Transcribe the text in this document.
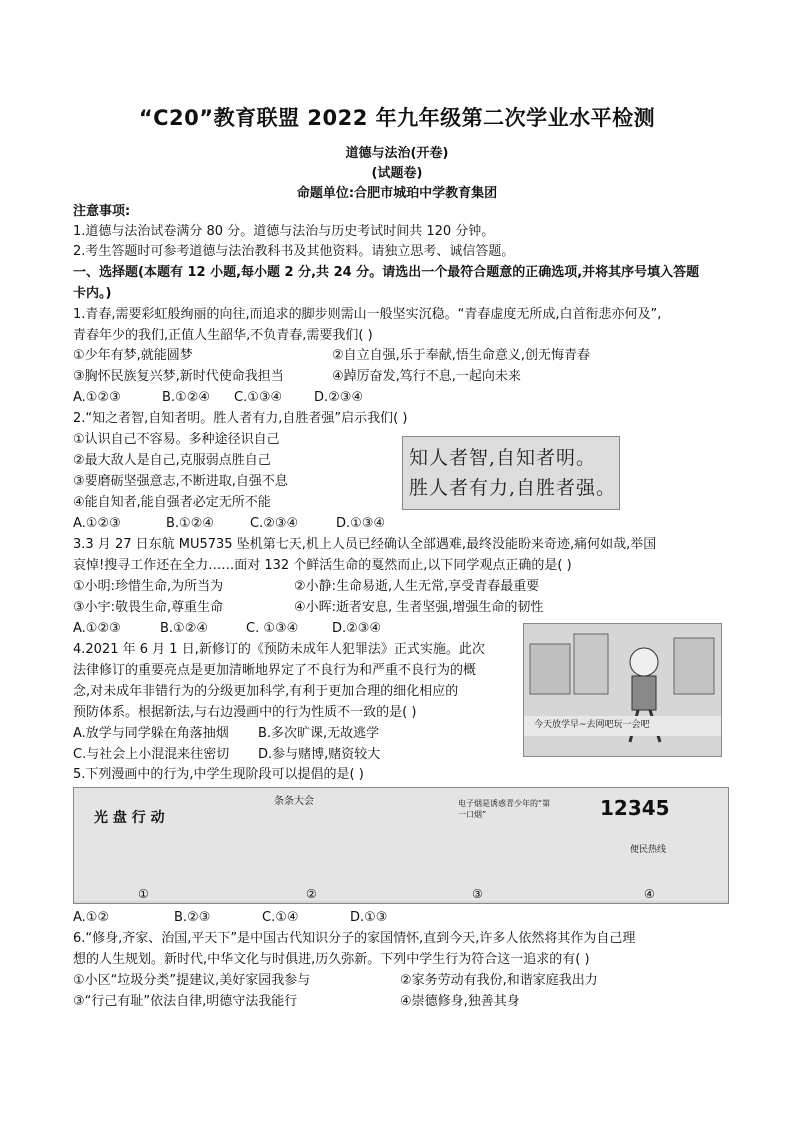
“C20”教育联盟 2022 年九年级第二次学业水平检测
道德与法治(开卷)
(试题卷)
命题单位:合肥市城珀中学教育集团
注意事项:
1.道德与法治试卷满分 80 分。道德与法治与历史考试时间共 120 分钟。
2.考生答题时可参考道德与法治教科书及其他资料。请独立思考、诚信答题。
一、选择题(本题有 12 小题,每小题 2 分,共 24 分。请选出一个最符合题意的正确选项,并将其序号填入答题
卡内。)
1.青春,需要彩虹般绚丽的向往,而追求的脚步则需山一般坚实沉稳。“青春虚度无所成,白首衔悲亦何及”,
青春年少的我们,正值人生韶华,不负青春,需要我们( )
①少年有梦,就能圆梦	②自立自强,乐于奉献,悟生命意义,创无悔青春
③胸怀民族复兴梦,新时代使命我担当	④踔厉奋发,笃行不息,一起向未来
A.①②③	B.①②④ C.①③④ D.②③④
2.“知之者智,自知者明。胜人者有力,自胜者强”启示我们( )
①认识自己不容易。多种途径识自己
②最大敌人是自己,克服弱点胜自己
③要磨砺坚强意志,不断进取,自强不息
④能自知者,能自强者必定无所不能
知人者智,自知者明。
胜人者有力,自胜者强。
A.①②③	B.①②④	C.②③④	D.①③④
3.3 月 27 日东航 MU5735 坠机第七天,机上人员已经确认全部遇难,最终没能盼来奇迹,痛何如哉,举国
哀悼!搜寻工作还在全力……面对 132 个鲜活生命的戛然而止,以下同学观点正确的是( )
①小明:珍惜生命,为所当为	②小静:生命易逝,人生无常,享受青春最重要
③小宇:敬畏生命,尊重生命	④小晖:逝者安息, 生者坚强,增强生命的韧性
A.①②③	B.①②④	C. ①③④	D.②③④
4.2021 年 6 月 1 日,新修订的《预防未成年人犯罪法》正式实施。此次
法律修订的重要亮点是更加清晰地界定了不良行为和严重不良行为的概
念,对未成年非错行为的分级更加科学,有利于更加合理的细化相应的
预防体系。根据新法,与右边漫画中的行为性质不一致的是( )
A.放学与同学躲在角落抽烟 B.多次旷课,无故逃学
C.与社会上小混混来往密切 D.参与赌博,赌资较大
今天放学早~去网吧玩一会吧
5.下列漫画中的行为,中学生现阶段可以提倡的是( )
光 盘 行 动
①
条条大会
②
电子烟是诱惑青少年的“第一口烟”
③
12345
便民热线
④
A.①②	B.②③	C.①④	D.①③
6.“修身,齐家、治国,平天下”是中国古代知识分子的家国情怀,直到今天,许多人依然将其作为自己理
想的人生规划。新时代,中华文化与时俱进,历久弥新。下列中学生行为符合这一追求的有( )
①小区“垃圾分类”提建议,美好家园我参与	②家务劳动有我份,和谐家庭我出力
③“行己有耻”依法自律,明德守法我能行	④崇德修身,独善其身
